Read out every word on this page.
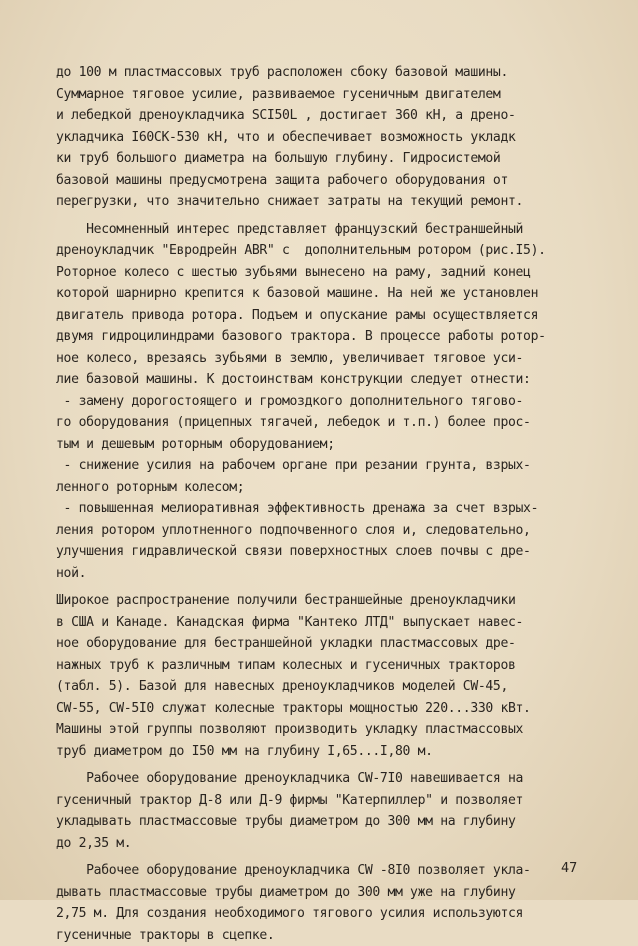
до 100 м пластмассовых труб расположен сбоку базовой машины.
Суммарное тяговое усилие, развиваемое гусеничным двигателем
и лебедкой дреноукладчика SCI50L , достигает 360 кН, а дрено-
укладчика I60CK-530 кН, что и обеспечивает возможность укладк
ки труб большого диаметра на большую глубину. Гидросистемой
базовой машины предусмотрена защита рабочего оборудования от
перегрузки, что значительно снижает затраты на текущий ремонт.
Несомненный интерес представляет французский бестраншейный
дреноукладчик "Евродрейн ABR" с  дополнительным ротором (рис.I5).
Роторное колесо с шестью зубьями вынесено на раму, задний конец
которой шарнирно крепится к базовой машине. На ней же установлен
двигатель привода ротора. Подъем и опускание рамы осуществляется
двумя гидроцилиндрами базового трактора. В процессе работы ротор-
ное колесо, врезаясь зубьями в землю, увеличивает тяговое уси-
лие базовой машины. К достоинствам конструкции следует отнести:
- замену дорогостоящего и громоздкого дополнительного тягово-
го оборудования (прицепных тягачей, лебедок и т.п.) более прос-
тым и дешевым роторным оборудованием;
- снижение усилия на рабочем органе при резании грунта, взрых-
ленного роторным колесом;
- повышенная мелиоративная эффективность дренажа за счет взрых-
ления ротором уплотненного подпочвенного слоя и, следовательно,
улучшения гидравлической связи поверхностных слоев почвы с дре-
ной.
Широкое распространение получили бестраншейные дреноукладчики
в США и Канаде. Канадская фирма "Кантеко ЛТД" выпускает навес-
ное оборудование для бестраншейной укладки пластмассовых дре-
нажных труб к различным типам колесных и гусеничных тракторов
(табл. 5). Базой для навесных дреноукладчиков моделей CW-45,
CW-55, CW-5I0 служат колесные тракторы мощностью 220...330 кВт.
Машины этой группы позволяют производить укладку пластмассовых
труб диаметром до I50 мм на глубину I,65...I,80 м.
Рабочее оборудование дреноукладчика CW-7I0 навешивается на
гусеничный трактор Д-8 или Д-9 фирмы "Катерпиллер" и позволяет
укладывать пластмассовые трубы диаметром до 300 мм на глубину
до 2,35 м.
Рабочее оборудование дреноукладчика CW -8I0 позволяет укла-
дывать пластмассовые трубы диаметром до 300 мм уже на глубину
2,75 м. Для создания необходимого тягового усилия используются
гусеничные тракторы в сцепке.
47
